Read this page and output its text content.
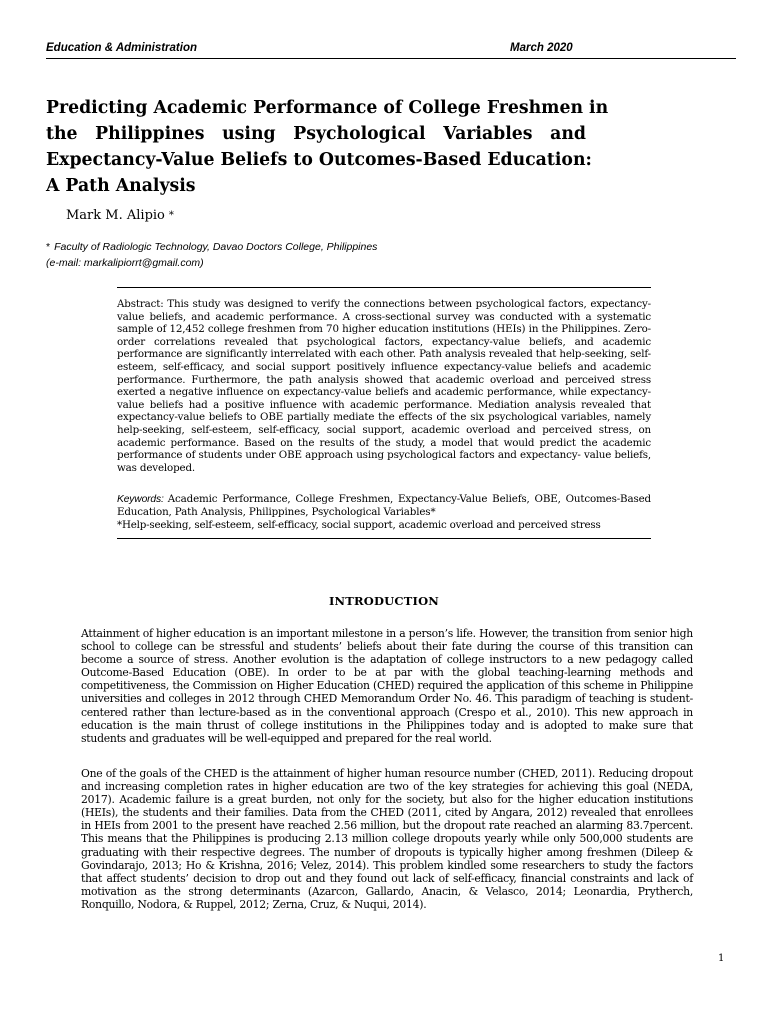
Education & Administration	March 2020
Predicting Academic Performance of College Freshmen in
the Philippines using Psychological Variables and
Expectancy-Value Beliefs to Outcomes-Based Education:
A Path Analysis
Mark M. Alipio *
* Faculty of Radiologic Technology, Davao Doctors College, Philippines
(e-mail: markalipiorrt@gmail.com)

Abstract: This study was designed to verify the connections between psychological factors, expectancy-value beliefs, and academic performance. A cross-sectional survey was conducted with a systematic sample of 12,452 college freshmen from 70 higher education institutions (HEIs) in the Philippines. Zero-order correlations revealed that psychological factors, expectancy-value beliefs, and academic performance are significantly interrelated with each other. Path analysis revealed that help-seeking, self-esteem, self-efficacy, and social support positively influence expectancy-value beliefs and academic performance. Furthermore, the path analysis showed that academic overload and perceived stress exerted a negative influence on expectancy-value beliefs and academic performance, while expectancy-value beliefs had a positive influence with academic performance. Mediation analysis revealed that expectancy-value beliefs to OBE partially mediate the effects of the six psychological variables, namely help-seeking, self-esteem, self-efficacy, social support, academic overload and perceived stress, on academic performance. Based on the results of the study, a model that would predict the academic performance of students under OBE approach using psychological factors and expectancy- value beliefs, was developed.

Keywords: Academic Performance, College Freshmen, Expectancy-Value Beliefs, OBE, Outcomes-Based Education, Path Analysis, Philippines, Psychological Variables*

*Help-seeking, self-esteem, self-efficacy, social support, academic overload and perceived stress
INTRODUCTION

Attainment of higher education is an important milestone in a person’s life. However, the transition from senior high school to college can be stressful and students’ beliefs about their fate during the course of this transition can become a source of stress. Another evolution is the adaptation of college instructors to a new pedagogy called Outcome-Based Education (OBE). In order to be at par with the global teaching-learning methods and competitiveness, the Commission on Higher Education (CHED) required the application of this scheme in Philippine universities and colleges in 2012 through CHED Memorandum Order No. 46. This paradigm of teaching is student-centered rather than lecture-based as in the conventional approach (Crespo et al., 2010). This new approach in education is the main thrust of college institutions in the Philippines today and is adopted to make sure that students and graduates will be well-equipped and prepared for the real world.

One of the goals of the CHED is the attainment of higher human resource number (CHED, 2011). Reducing dropout and increasing completion rates in higher education are two of the key strategies for achieving this goal (NEDA, 2017). Academic failure is a great burden, not only for the society, but also for the higher education institutions (HEIs), the students and their families. Data from the CHED (2011, cited by Angara, 2012) revealed that enrollees in HEIs from 2001 to the present have reached 2.56 million, but the dropout rate reached an alarming 83.7percent. This means that the Philippines is producing 2.13 million college dropouts yearly while only 500,000 students are graduating with their respective degrees. The number of dropouts is typically higher among freshmen (Dileep & Govindarajo, 2013; Ho & Krishna, 2016; Velez, 2014). This problem kindled some researchers to study the factors that affect students’ decision to drop out and they found out lack of self-efficacy, financial constraints and lack of motivation as the strong determinants (Azarcon, Gallardo, Anacin, & Velasco, 2014; Leonardia, Prytherch, Ronquillo, Nodora, & Ruppel, 2012; Zerna, Cruz, & Nuqui, 2014).

1
